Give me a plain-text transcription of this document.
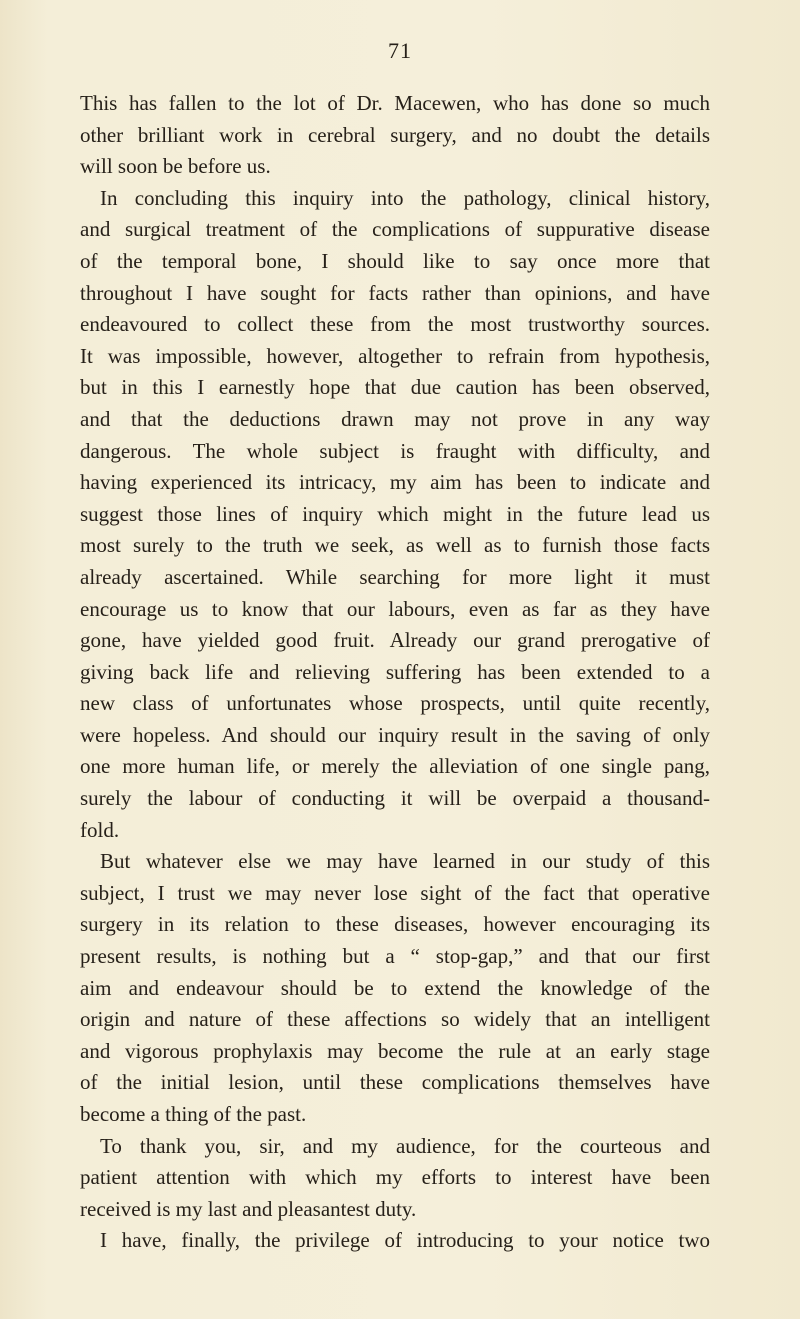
71
This has fallen to the lot of Dr. Macewen, who has done so much
other brilliant work in cerebral surgery, and no doubt the details
will soon be before us.
In concluding this inquiry into the pathology, clinical history,
and surgical treatment of the complications of suppurative disease
of the temporal bone, I should like to say once more that
throughout I have sought for facts rather than opinions, and have
endeavoured to collect these from the most trustworthy sources.
It was impossible, however, altogether to refrain from hypothesis,
but in this I earnestly hope that due caution has been observed,
and that the deductions drawn may not prove in any way
dangerous. The whole subject is fraught with difficulty, and
having experienced its intricacy, my aim has been to indicate and
suggest those lines of inquiry which might in the future lead us
most surely to the truth we seek, as well as to furnish those facts
already ascertained. While searching for more light it must
encourage us to know that our labours, even as far as they have
gone, have yielded good fruit. Already our grand prerogative of
giving back life and relieving suffering has been extended to a
new class of unfortunates whose prospects, until quite recently,
were hopeless. And should our inquiry result in the saving of only
one more human life, or merely the alleviation of one single pang,
surely the labour of conducting it will be overpaid a thousand-
fold.
But whatever else we may have learned in our study of this
subject, I trust we may never lose sight of the fact that operative
surgery in its relation to these diseases, however encouraging its
present results, is nothing but a “ stop-gap,” and that our first
aim and endeavour should be to extend the knowledge of the
origin and nature of these affections so widely that an intelligent
and vigorous prophylaxis may become the rule at an early stage
of the initial lesion, until these complications themselves have
become a thing of the past.
To thank you, sir, and my audience, for the courteous and
patient attention with which my efforts to interest have been
received is my last and pleasantest duty.
I have, finally, the privilege of introducing to your notice two
